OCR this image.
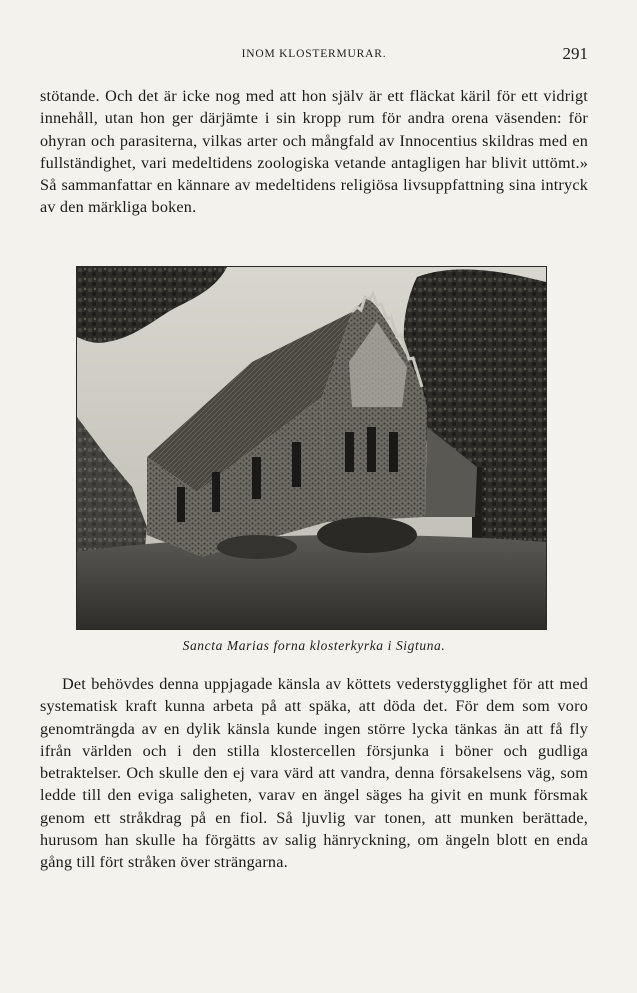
INOM KLOSTERMURAR.	291

stötande. Och det är icke nog med att hon själv är ett fläckat käril för ett vidrigt innehåll, utan hon ger därjämte i sin kropp rum för andra orena väsenden: för ohyran och parasiterna, vilkas arter och mångfald av Innocentius skildras med en fullständighet, vari medeltidens zoologiska vetande antagligen har blivit uttömt.» Så sammanfattar en kännare av medeltidens religiösa livsuppfattning sina intryck av den märkliga boken.

Sancta Marias forna klosterkyrka i Sigtuna.

Det behövdes denna uppjagade känsla av köttets vederstygglighet för att med systematisk kraft kunna arbeta på att späka, att döda det. För dem som voro genomträngda av en dylik känsla kunde ingen större lycka tänkas än att få fly ifrån världen och i den stilla klostercellen försjunka i böner och gudliga betraktelser. Och skulle den ej vara värd att vandra, denna försakelsens väg, som ledde till den eviga saligheten, varav en ängel säges ha givit en munk försmak genom ett stråkdrag på en fiol. Så ljuvlig var tonen, att munken berättade, hurusom han skulle ha förgätts av salig hänryckning, om ängeln blott en enda gång till fört stråken över strängarna.
